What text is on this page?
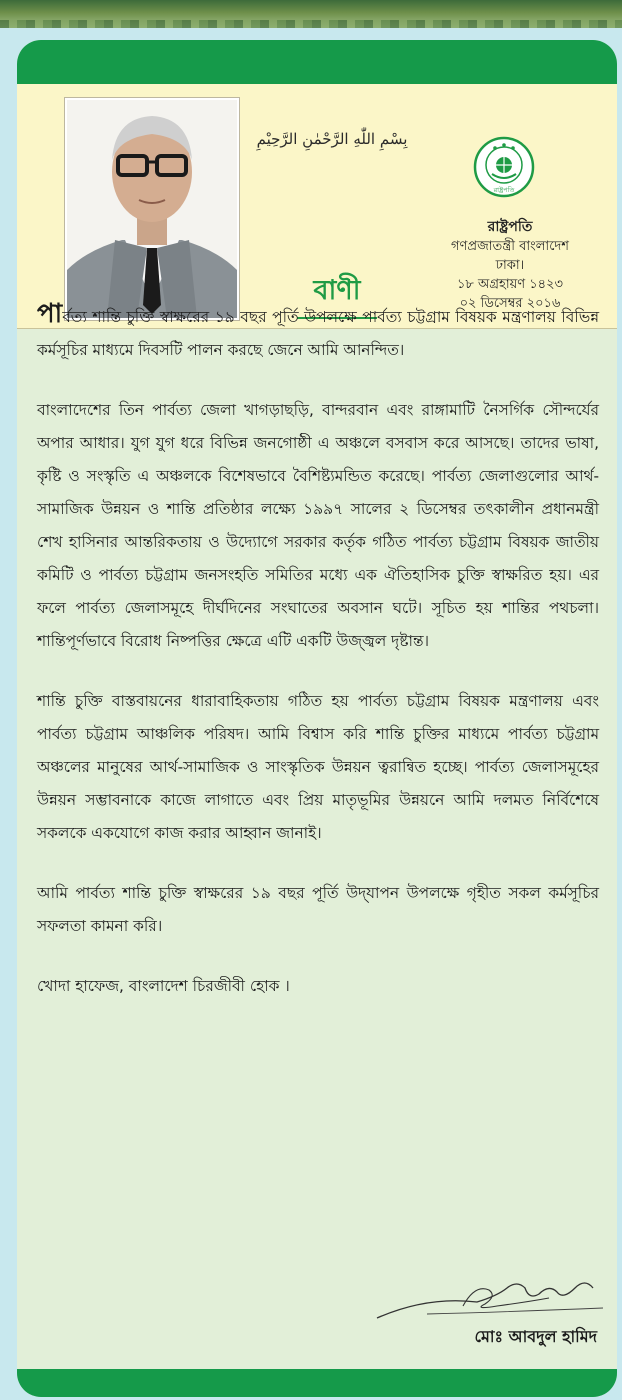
بِسْمِ اللّٰهِ الرَّحْمٰنِ الرَّحِيْمِ
বাণী
রাষ্ট্রপতি
রাষ্ট্রপতি
গণপ্রজাতন্ত্রী বাংলাদেশ
ঢাকা।
১৮ অগ্রহায়ণ ১৪২৩
০২ ডিসেম্বর ২০১৬

পার্বত্য শান্তি চুক্তি স্বাক্ষরের ১৯ বছর পূর্তি উপলক্ষে পার্বত্য চট্টগ্রাম বিষয়ক মন্ত্রণালয় বিভিন্ন কর্মসূচির মাধ্যমে দিবসটি পালন করছে জেনে আমি আনন্দিত।

বাংলাদেশের তিন পার্বত্য জেলা খাগড়াছড়ি, বান্দরবান এবং রাঙ্গামাটি নৈসর্গিক সৌন্দর্যের অপার আধার। যুগ যুগ ধরে বিভিন্ন জনগোষ্ঠী এ অঞ্চলে বসবাস করে আসছে। তাদের ভাষা, কৃষ্টি ও সংস্কৃতি এ অঞ্চলকে বিশেষভাবে বৈশিষ্ট্যমন্ডিত করেছে। পার্বত্য জেলাগুলোর আর্থ-সামাজিক উন্নয়ন ও শান্তি প্রতিষ্ঠার লক্ষ্যে ১৯৯৭ সালের ২ ডিসেম্বর তৎকালীন প্রধানমন্ত্রী শেখ হাসিনার আন্তরিকতায় ও উদ্যোগে সরকার কর্তৃক গঠিত পার্বত্য চট্টগ্রাম বিষয়ক জাতীয় কমিটি ও পার্বত্য চট্টগ্রাম জনসংহতি সমিতির মধ্যে এক ঐতিহাসিক চুক্তি স্বাক্ষরিত হয়। এর ফলে পার্বত্য জেলাসমূহে দীর্ঘদিনের সংঘাতের অবসান ঘটে। সূচিত হয় শান্তির পথচলা। শান্তিপূর্ণভাবে বিরোধ নিষ্পত্তির ক্ষেত্রে এটি একটি উজ্জ্বল দৃষ্টান্ত।

শান্তি চুক্তি বাস্তবায়নের ধারাবাহিকতায় গঠিত হয় পার্বত্য চট্টগ্রাম বিষয়ক মন্ত্রণালয় এবং পার্বত্য চট্টগ্রাম আঞ্চলিক পরিষদ। আমি বিশ্বাস করি শান্তি চুক্তির মাধ্যমে পার্বত্য চট্টগ্রাম অঞ্চলের মানুষের আর্থ-সামাজিক ও সাংস্কৃতিক উন্নয়ন ত্বরান্বিত হচ্ছে। পার্বত্য জেলাসমূহের উন্নয়ন সম্ভাবনাকে কাজে লাগাতে এবং প্রিয় মাতৃভূমির উন্নয়নে আমি দলমত নির্বিশেষে সকলকে একযোগে কাজ করার আহ্বান জানাই।

আমি পার্বত্য শান্তি চুক্তি স্বাক্ষরের ১৯ বছর পূর্তি উদ্‌যাপন উপলক্ষে গৃহীত সকল কর্মসূচির সফলতা কামনা করি।

খোদা হাফেজ, বাংলাদেশ চিরজীবী হোক ।

মোঃ আবদুল হামিদ
